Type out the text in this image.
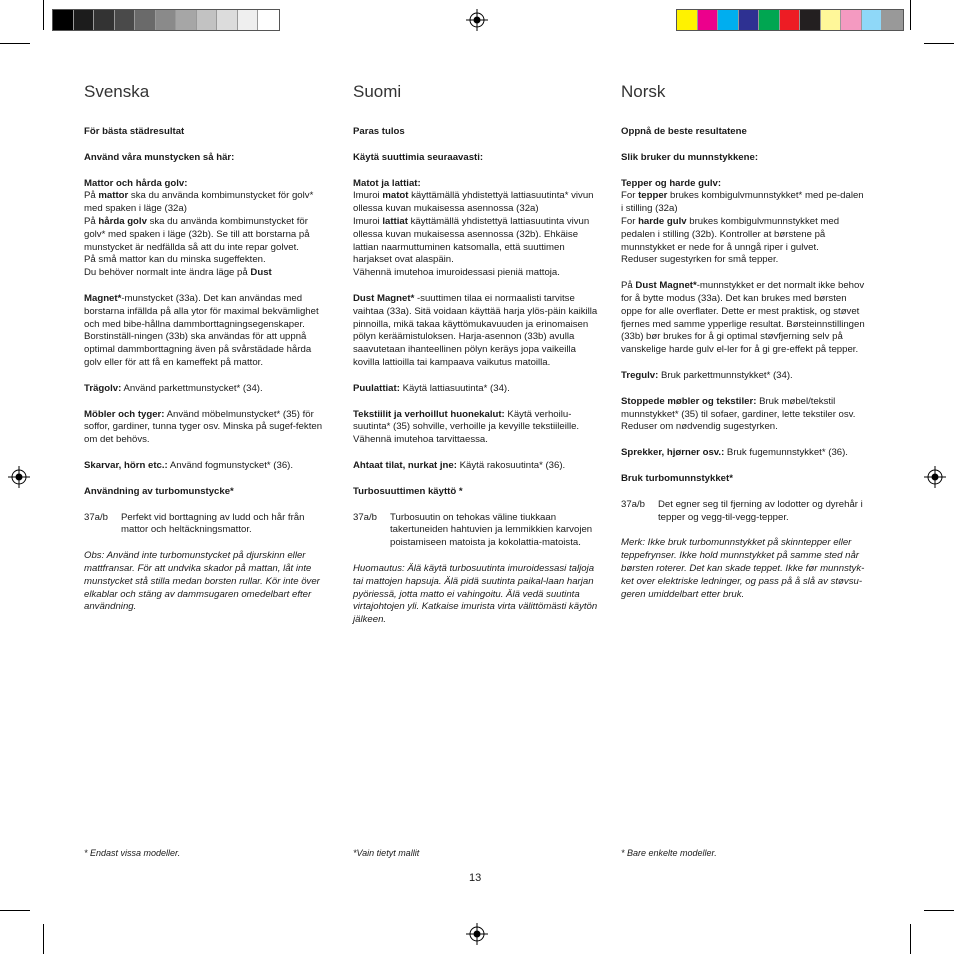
Svenska

För bästa städresultat

Använd våra munstycken så här:

Mattor och hårda golv:
På mattor ska du använda kombimunstycket för golv* med spaken i läge (32a)
På hårda golv ska du använda kombimunstycket för golv* med spaken i läge (32b). Se till att borstarna på munstycket är nedfällda så att du inte repar golvet.
På små mattor kan du minska sugeffekten.
Du behöver normalt inte ändra läge på Dust

Magnet*-munstycket (33a). Det kan användas med borstarna infällda på alla ytor för maximal bekvämlighet och med bibe-hållna dammborttagningsegenskaper. Borstinställ-ningen (33b) ska användas för att uppnå optimal dammborttagning även på svårstädade hårda golv eller för att få en kameffekt på mattor.

Trägolv: Använd parkettmunstycket* (34).

Möbler och tyger: Använd möbelmunstycket* (35) för soffor, gardiner, tunna tyger osv. Minska på sugef-fekten om det behövs.

Skarvar, hörn etc.: Använd fogmunstycket* (36).

Användning av turbomunstycke*

37a/b	Perfekt vid borttagning av ludd och hår från mattor och heltäckningsmattor.

Obs: Använd inte turbomunstycket på djurskinn eller mattfransar. För att undvika skador på mattan, låt inte munstycket stå stilla medan borsten rullar. Kör inte över elkablar och stäng av dammsugaren omedelbart efter användning.

Suomi

Paras tulos

Käytä suuttimia seuraavasti:

Matot ja lattiat:
Imuroi matot käyttämällä yhdistettyä lattiasuutinta* vivun ollessa kuvan mukaisessa asennossa (32a)
Imuroi lattiat käyttämällä yhdistettyä lattiasuutinta vivun ollessa kuvan mukaisessa asennossa (32b). Ehkäise lattian naarmuttuminen katsomalla, että suuttimen harjakset ovat alaspäin.
Vähennä imutehoa imuroidessasi pieniä mattoja.

Dust Magnet* -suuttimen tilaa ei normaalisti tarvitse vaihtaa (33a). Sitä voidaan käyttää harja ylös-päin kaikilla pinnoilla, mikä takaa käyttömukavuuden ja erinomaisen pölyn keräämistuloksen. Harja-asennon (33b) avulla saavutetaan ihanteellinen pölyn keräys jopa vaikeilla kovilla lattioilla tai kampaava vaikutus matoilla.

Puulattiat: Käytä lattiasuutinta* (34).

Tekstiilit ja verhoillut huonekalut: Käytä verhoilu-suutinta* (35) sohville, verhoille ja kevyille tekstiileille. Vähennä imutehoa tarvittaessa.

Ahtaat tilat, nurkat jne: Käytä rakosuutinta* (36).

Turbosuuttimen käyttö *

37a/b	Turbosuutin on tehokas väline tiukkaan takertuneiden hahtuvien ja lemmikkien karvojen poistamiseen matoista ja kokolattia-matoista.

Huomautus: Älä käytä turbosuutinta imuroidessasi taljoja tai mattojen hapsuja. Älä pidä suutinta paikal-laan harjan pyöriessä, jotta matto ei vahingoitu. Älä vedä suutinta virtajohtojen yli. Katkaise imurista virta välittömästi käytön jälkeen.

Norsk

Oppnå de beste resultatene

Slik bruker du munnstykkene:

Tepper og harde gulv:
For tepper brukes kombigulvmunnstykket* med pe-dalen i stilling (32a)
For harde gulv brukes kombigulvmunnstykket med pedalen i stilling (32b). Kontroller at børstene på munnstykket er nede for å unngå riper i gulvet.
Reduser sugestyrken for små tepper.

På Dust Magnet*-munnstykket er det normalt ikke behov for å bytte modus (33a). Det kan brukes med børsten oppe for alle overflater. Dette er mest praktisk, og støvet fjernes med samme ypperlige resultat. Børsteinnstillingen (33b) bør brukes for å gi optimal støvfjerning selv på vanskelige harde gulv el-ler for å gi gre-effekt på tepper.

Tregulv: Bruk parkettmunnstykket* (34).

Stoppede møbler og tekstiler: Bruk møbel/tekstil munnstykket* (35) til sofaer, gardiner, lette tekstiler osv. Reduser om nødvendig sugestyrken.

Sprekker, hjørner osv.: Bruk fugemunnstykket* (36).

Bruk turbomunnstykket*

37a/b	Det egner seg til fjerning av lodotter og dyrehår i tepper og vegg-til-vegg-tepper.

Merk: Ikke bruk turbomunnstykket på skinntepper eller teppefrynser. Ikke hold munnstykket på samme sted når børsten roterer. Det kan skade teppet. Ikke før munnstyk-ket over elektriske ledninger, og pass på å slå av støvsu-geren umiddelbart etter bruk.

* Endast vissa modeller.	*Vain tietyt mallit	* Bare enkelte modeller.
13
